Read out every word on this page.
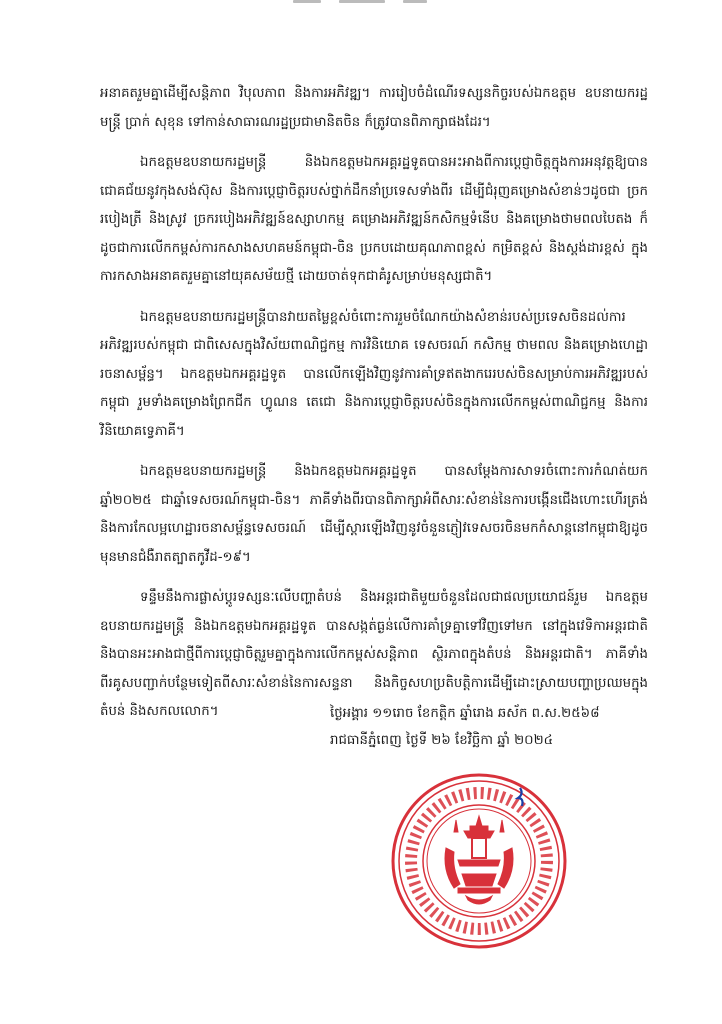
អនាគតរួមគ្នាដើម្បីសន្តិភាព វិបុលភាព និងការអភិវឌ្ឍ។ ការរៀបចំដំណើរទស្សនកិច្ចរបស់ឯកឧត្តម ឧបនាយករដ្ឋមន្ត្រី ប្រាក់ សុខុន ទៅកាន់សាធារណរដ្ឋប្រជាមានិតចិន ក៏ត្រូវបានពិភាក្សាផងដែរ។

ឯកឧត្តមឧបនាយករដ្ឋមន្ត្រី និងឯកឧត្តមឯកអគ្គរដ្ឋទូតបានអះអាងពីការប្តេជ្ញាចិត្តក្នុងការអនុវត្តឱ្យបានជោគជ័យនូវកុងសង់ស៊ុស និងការប្តេជ្ញាចិត្តរបស់ថ្នាក់ដឹកនាំប្រទេសទាំងពីរ ដើម្បីជំរុញគម្រោងសំខាន់ៗដូចជា ច្រករបៀងត្រី និងស្រូវ ច្រករបៀងអភិវឌ្ឍន៍ឧស្សាហកម្ម គម្រោងអភិវឌ្ឍន៍កសិកម្មទំនើប និងគម្រោងថាមពលបៃតង ក៏ដូចជាការលើកកម្ពស់ការកសាងសហគមន៍កម្ពុជា-ចិន ប្រកបដោយគុណភាពខ្ពស់ កម្រិតខ្ពស់ និងស្តង់ដារខ្ពស់ ក្នុងការកសាងអនាគតរួមគ្នានៅយុគសម័យថ្មី ដោយចាត់ទុកជាគំរូសម្រាប់មនុស្សជាតិ។

ឯកឧត្តមឧបនាយករដ្ឋមន្ត្រីបានវាយតម្លៃខ្ពស់ចំពោះការរួមចំណែកយ៉ាងសំខាន់របស់ប្រទេសចិនដល់ការអភិវឌ្ឍរបស់កម្ពុជា ជាពិសេសក្នុងវិស័យពាណិជ្ជកម្ម ការវិនិយោគ ទេសចរណ៍ កសិកម្ម ថាមពល និងគម្រោងហេដ្ឋារចនាសម្ព័ន្ធ។ ឯកឧត្តមឯកអគ្គរដ្ឋទូត បានលើកឡើងវិញនូវការគាំទ្រឥតងាករេរបស់ចិនសម្រាប់ការអភិវឌ្ឍរបស់កម្ពុជា រួមទាំងគម្រោងព្រែកជីក ហ្វូណន តេជោ និងការប្តេជ្ញាចិត្តរបស់ចិនក្នុងការលើកកម្ពស់ពាណិជ្ជកម្ម និងការវិនិយោគទ្វេភាគី។

ឯកឧត្តមឧបនាយករដ្ឋមន្ត្រី និងឯកឧត្តមឯកអគ្គរដ្ឋទូត បានសម្តែងការសាទរចំពោះការកំណត់យកឆ្នាំ២០២៥ ជាឆ្នាំទេសចរណ៍កម្ពុជា-ចិន។ ភាគីទាំងពីរបានពិភាក្សាអំពីសារៈសំខាន់នៃការបង្កើនជើងហោះហើរត្រង់ និងការកែលម្អហេដ្ឋារចនាសម្ព័ន្ធទេសចរណ៍ ដើម្បីស្តារឡើងវិញនូវចំនួនភ្ញៀវទេសចរចិនមកកំសាន្តនៅកម្ពុជាឱ្យដូចមុនមានជំងឺរាតត្បាតកូវីដ-១៩។

ទន្ទឹមនឹងការផ្លាស់ប្តូរទស្សនៈលើបញ្ហាតំបន់ និងអន្តរជាតិមួយចំនួនដែលជាផលប្រយោជន៍រួម ឯកឧត្តមឧបនាយករដ្ឋមន្ត្រី និងឯកឧត្តមឯកអគ្គរដ្ឋទូត បានសង្កត់ធ្ងន់លើការគាំទ្រគ្នាទៅវិញទៅមក នៅក្នុងវេទិកាអន្តរជាតិ និងបានអះអាងជាថ្មីពីការប្តេជ្ញាចិត្តរួមគ្នាក្នុងការលើកកម្ពស់សន្តិភាព ស្ថិរភាពក្នុងតំបន់ និងអន្តរជាតិ។ ភាគីទាំងពីរគូសបញ្ជាក់បន្ថែមទៀតពីសារៈសំខាន់នៃការសន្ទនា និងកិច្ចសហប្រតិបត្តិការដើម្បីដោះស្រាយបញ្ហាប្រឈមក្នុងតំបន់ និងសកលលោក។	ថ្ងៃអង្គារ ១១រោច ខែកត្តិក ឆ្នាំរោង ឆស័ក ព.ស.២៥៦៨
រាជធានីភ្នំពេញ ថ្ងៃទី ២៦ ខែវិច្ឆិកា ឆ្នាំ ២០២៤
